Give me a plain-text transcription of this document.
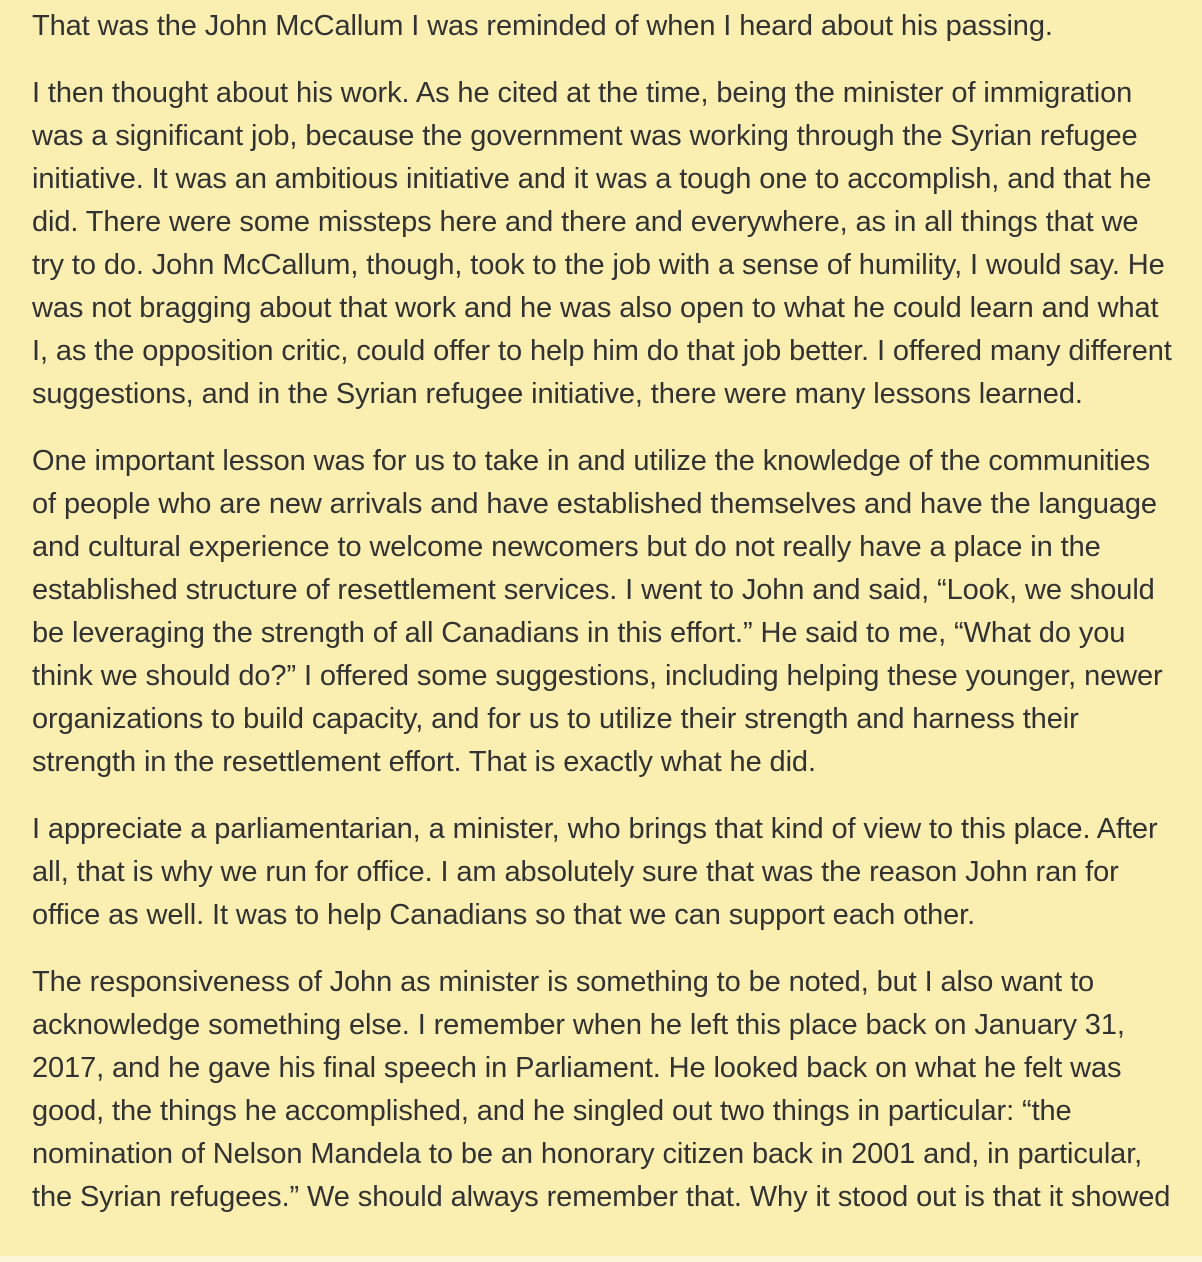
That was the John McCallum I was reminded of when I heard about his passing.

I then thought about his work. As he cited at the time, being the minister of immigration was a significant job, because the government was working through the Syrian refugee initiative. It was an ambitious initiative and it was a tough one to accomplish, and that he did. There were some missteps here and there and everywhere, as in all things that we try to do. John McCallum, though, took to the job with a sense of humility, I would say. He was not bragging about that work and he was also open to what he could learn and what I, as the opposition critic, could offer to help him do that job better. I offered many different suggestions, and in the Syrian refugee initiative, there were many lessons learned.

One important lesson was for us to take in and utilize the knowledge of the communities of people who are new arrivals and have established themselves and have the language and cultural experience to welcome newcomers but do not really have a place in the established structure of resettlement services. I went to John and said, “Look, we should be leveraging the strength of all Canadians in this effort.” He said to me, “What do you think we should do?” I offered some suggestions, including helping these younger, newer organizations to build capacity, and for us to utilize their strength and harness their strength in the resettlement effort. That is exactly what he did.

I appreciate a parliamentarian, a minister, who brings that kind of view to this place. After all, that is why we run for office. I am absolutely sure that was the reason John ran for office as well. It was to help Canadians so that we can support each other.

The responsiveness of John as minister is something to be noted, but I also want to acknowledge something else. I remember when he left this place back on January 31, 2017, and he gave his final speech in Parliament. He looked back on what he felt was good, the things he accomplished, and he singled out two things in particular: “the nomination of Nelson Mandela to be an honorary citizen back in 2001 and, in particular, the Syrian refugees.” We should always remember that. Why it stood out is that it showed
